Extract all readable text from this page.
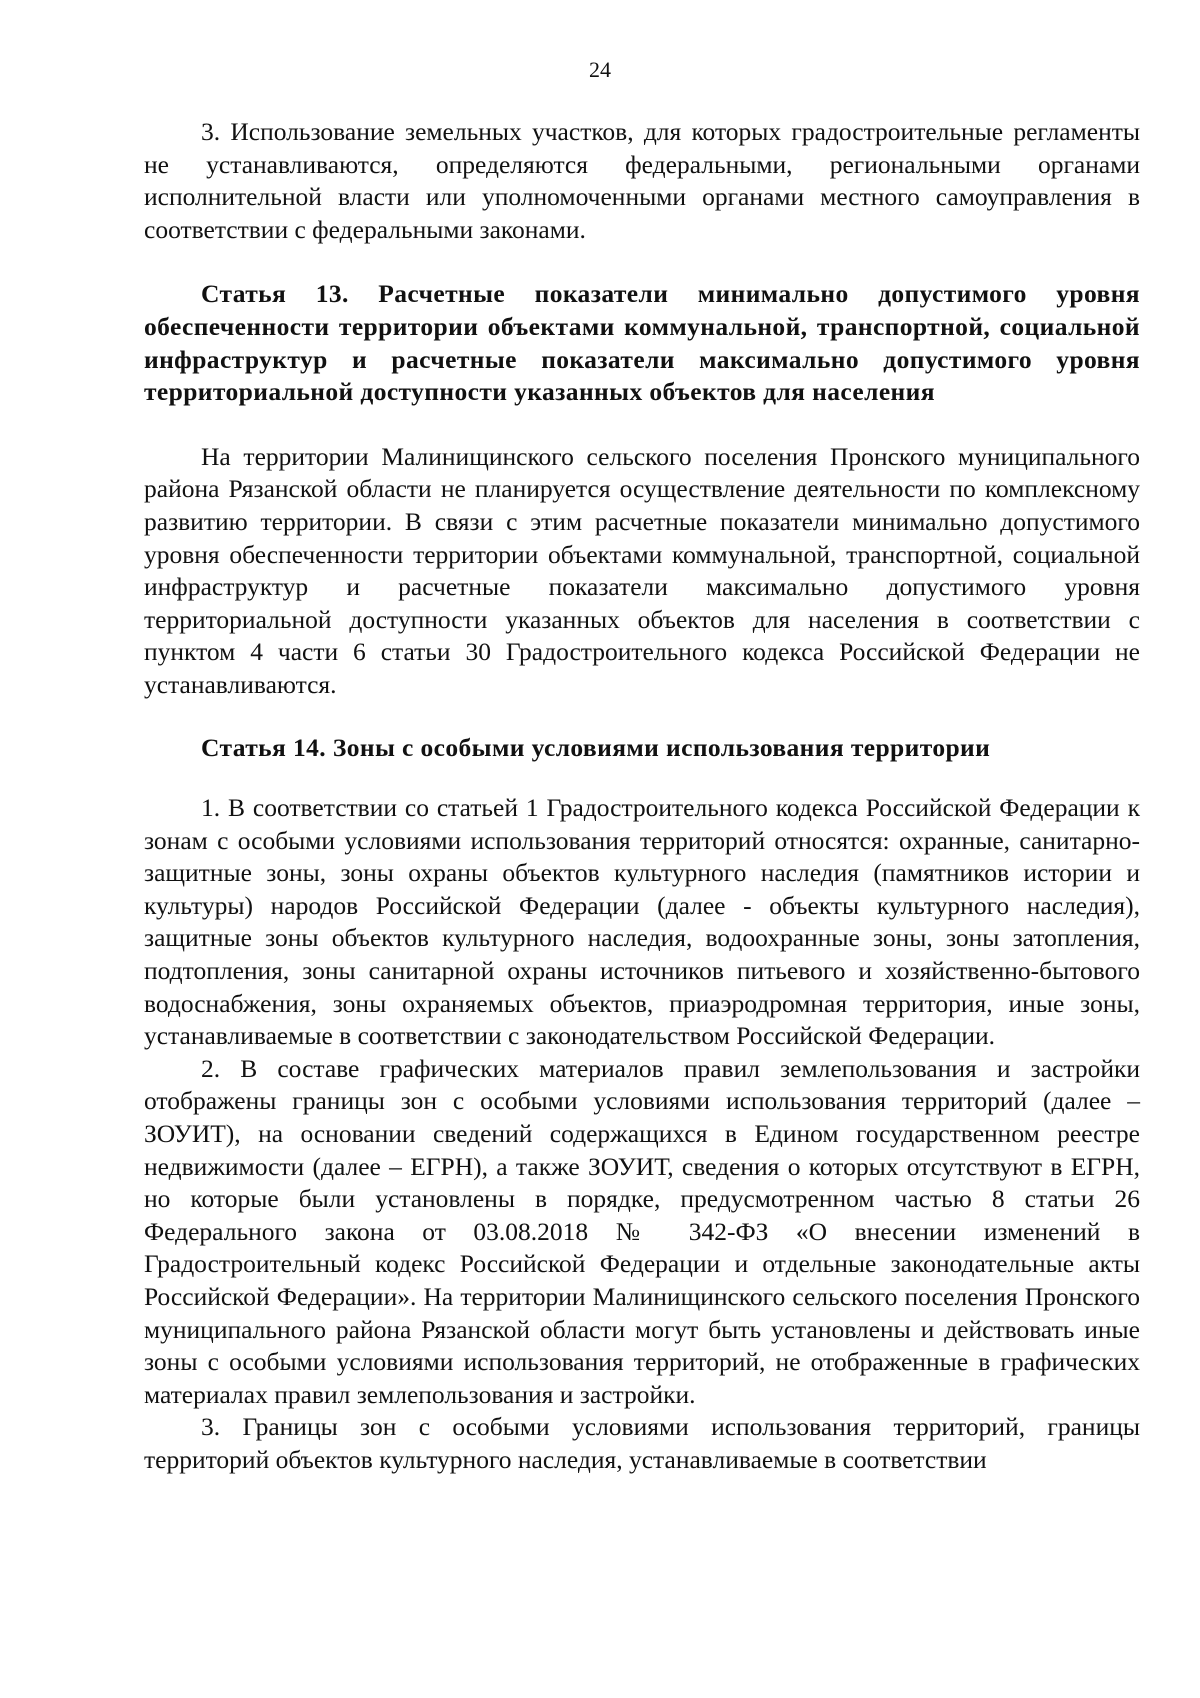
24

3. Использование земельных участков, для которых градостроительные регламенты не устанавливаются, определяются федеральными, региональными органами исполнительной власти или уполномоченными органами местного самоуправления в соответствии с федеральными законами.

Статья 13. Расчетные показатели минимально допустимого уровня обеспеченности территории объектами коммунальной, транспортной, социальной инфраструктур и расчетные показатели максимально допустимого уровня территориальной доступности указанных объектов для населения

На территории Малинищинского сельского поселения Пронского муниципального района Рязанской области не планируется осуществление деятельности по комплексному развитию территории. В связи с этим расчетные показатели минимально допустимого уровня обеспеченности территории объектами коммунальной, транспортной, социальной инфраструктур и расчетные показатели максимально допустимого уровня территориальной доступности указанных объектов для населения в соответствии с пунктом 4 части 6 статьи 30 Градостроительного кодекса Российской Федерации не устанавливаются.

Статья 14. Зоны с особыми условиями использования территории

1. В соответствии со статьей 1 Градостроительного кодекса Российской Федерации к зонам с особыми условиями использования территорий относятся: охранные, санитарно-защитные зоны, зоны охраны объектов культурного наследия (памятников истории и культуры) народов Российской Федерации (далее - объекты культурного наследия), защитные зоны объектов культурного наследия, водоохранные зоны, зоны затопления, подтопления, зоны санитарной охраны источников питьевого и хозяйственно-бытового водоснабжения, зоны охраняемых объектов, приаэродромная территория, иные зоны, устанавливаемые в соответствии с законодательством Российской Федерации.

2. В составе графических материалов правил землепользования и застройки отображены границы зон с особыми условиями использования территорий (далее – ЗОУИТ), на основании сведений содержащихся в Едином государственном реестре недвижимости (далее – ЕГРН), а также ЗОУИТ, сведения о которых отсутствуют в ЕГРН, но которые были установлены в порядке, предусмотренном частью 8 статьи 26 Федерального закона от 03.08.2018 № 342-ФЗ «О внесении изменений в Градостроительный кодекс Российской Федерации и отдельные законодательные акты Российской Федерации». На территории Малинищинского сельского поселения Пронского муниципального района Рязанской области могут быть установлены и действовать иные зоны с особыми условиями использования территорий, не отображенные в графических материалах правил землепользования и застройки.

3. Границы зон с особыми условиями использования территорий, границы территорий объектов культурного наследия, устанавливаемые в соответствии
